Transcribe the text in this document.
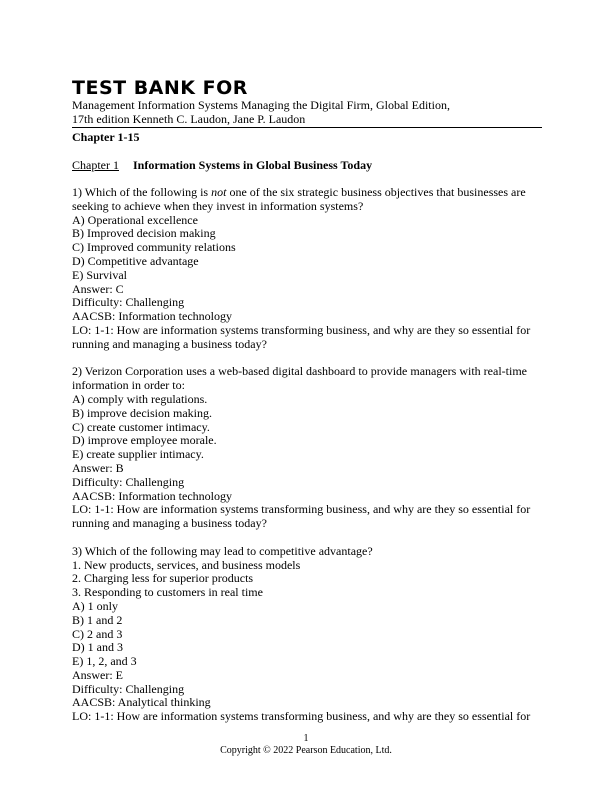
TEST BANK FOR
Management Information Systems Managing the Digital Firm, Global Edition,
17th edition Kenneth C. Laudon, Jane P. Laudon
Chapter 1-15
Chapter 1 Information Systems in Global Business Today
1) Which of the following is not one of the six strategic business objectives that businesses are
seeking to achieve when they invest in information systems?
A) Operational excellence
B) Improved decision making
C) Improved community relations
D) Competitive advantage
E) Survival
Answer: C
Difficulty: Challenging
AACSB: Information technology
LO: 1-1: How are information systems transforming business, and why are they so essential for
running and managing a business today?
2) Verizon Corporation uses a web-based digital dashboard to provide managers with real-time
information in order to:
A) comply with regulations.
B) improve decision making.
C) create customer intimacy.
D) improve employee morale.
E) create supplier intimacy.
Answer: B
Difficulty: Challenging
AACSB: Information technology
LO: 1-1: How are information systems transforming business, and why are they so essential for
running and managing a business today?
3) Which of the following may lead to competitive advantage?
1. New products, services, and business models
2. Charging less for superior products
3. Responding to customers in real time
A) 1 only
B) 1 and 2
C) 2 and 3
D) 1 and 3
E) 1, 2, and 3
Answer: E
Difficulty: Challenging
AACSB: Analytical thinking
LO: 1-1: How are information systems transforming business, and why are they so essential for
1
Copyright © 2022 Pearson Education, Ltd.
